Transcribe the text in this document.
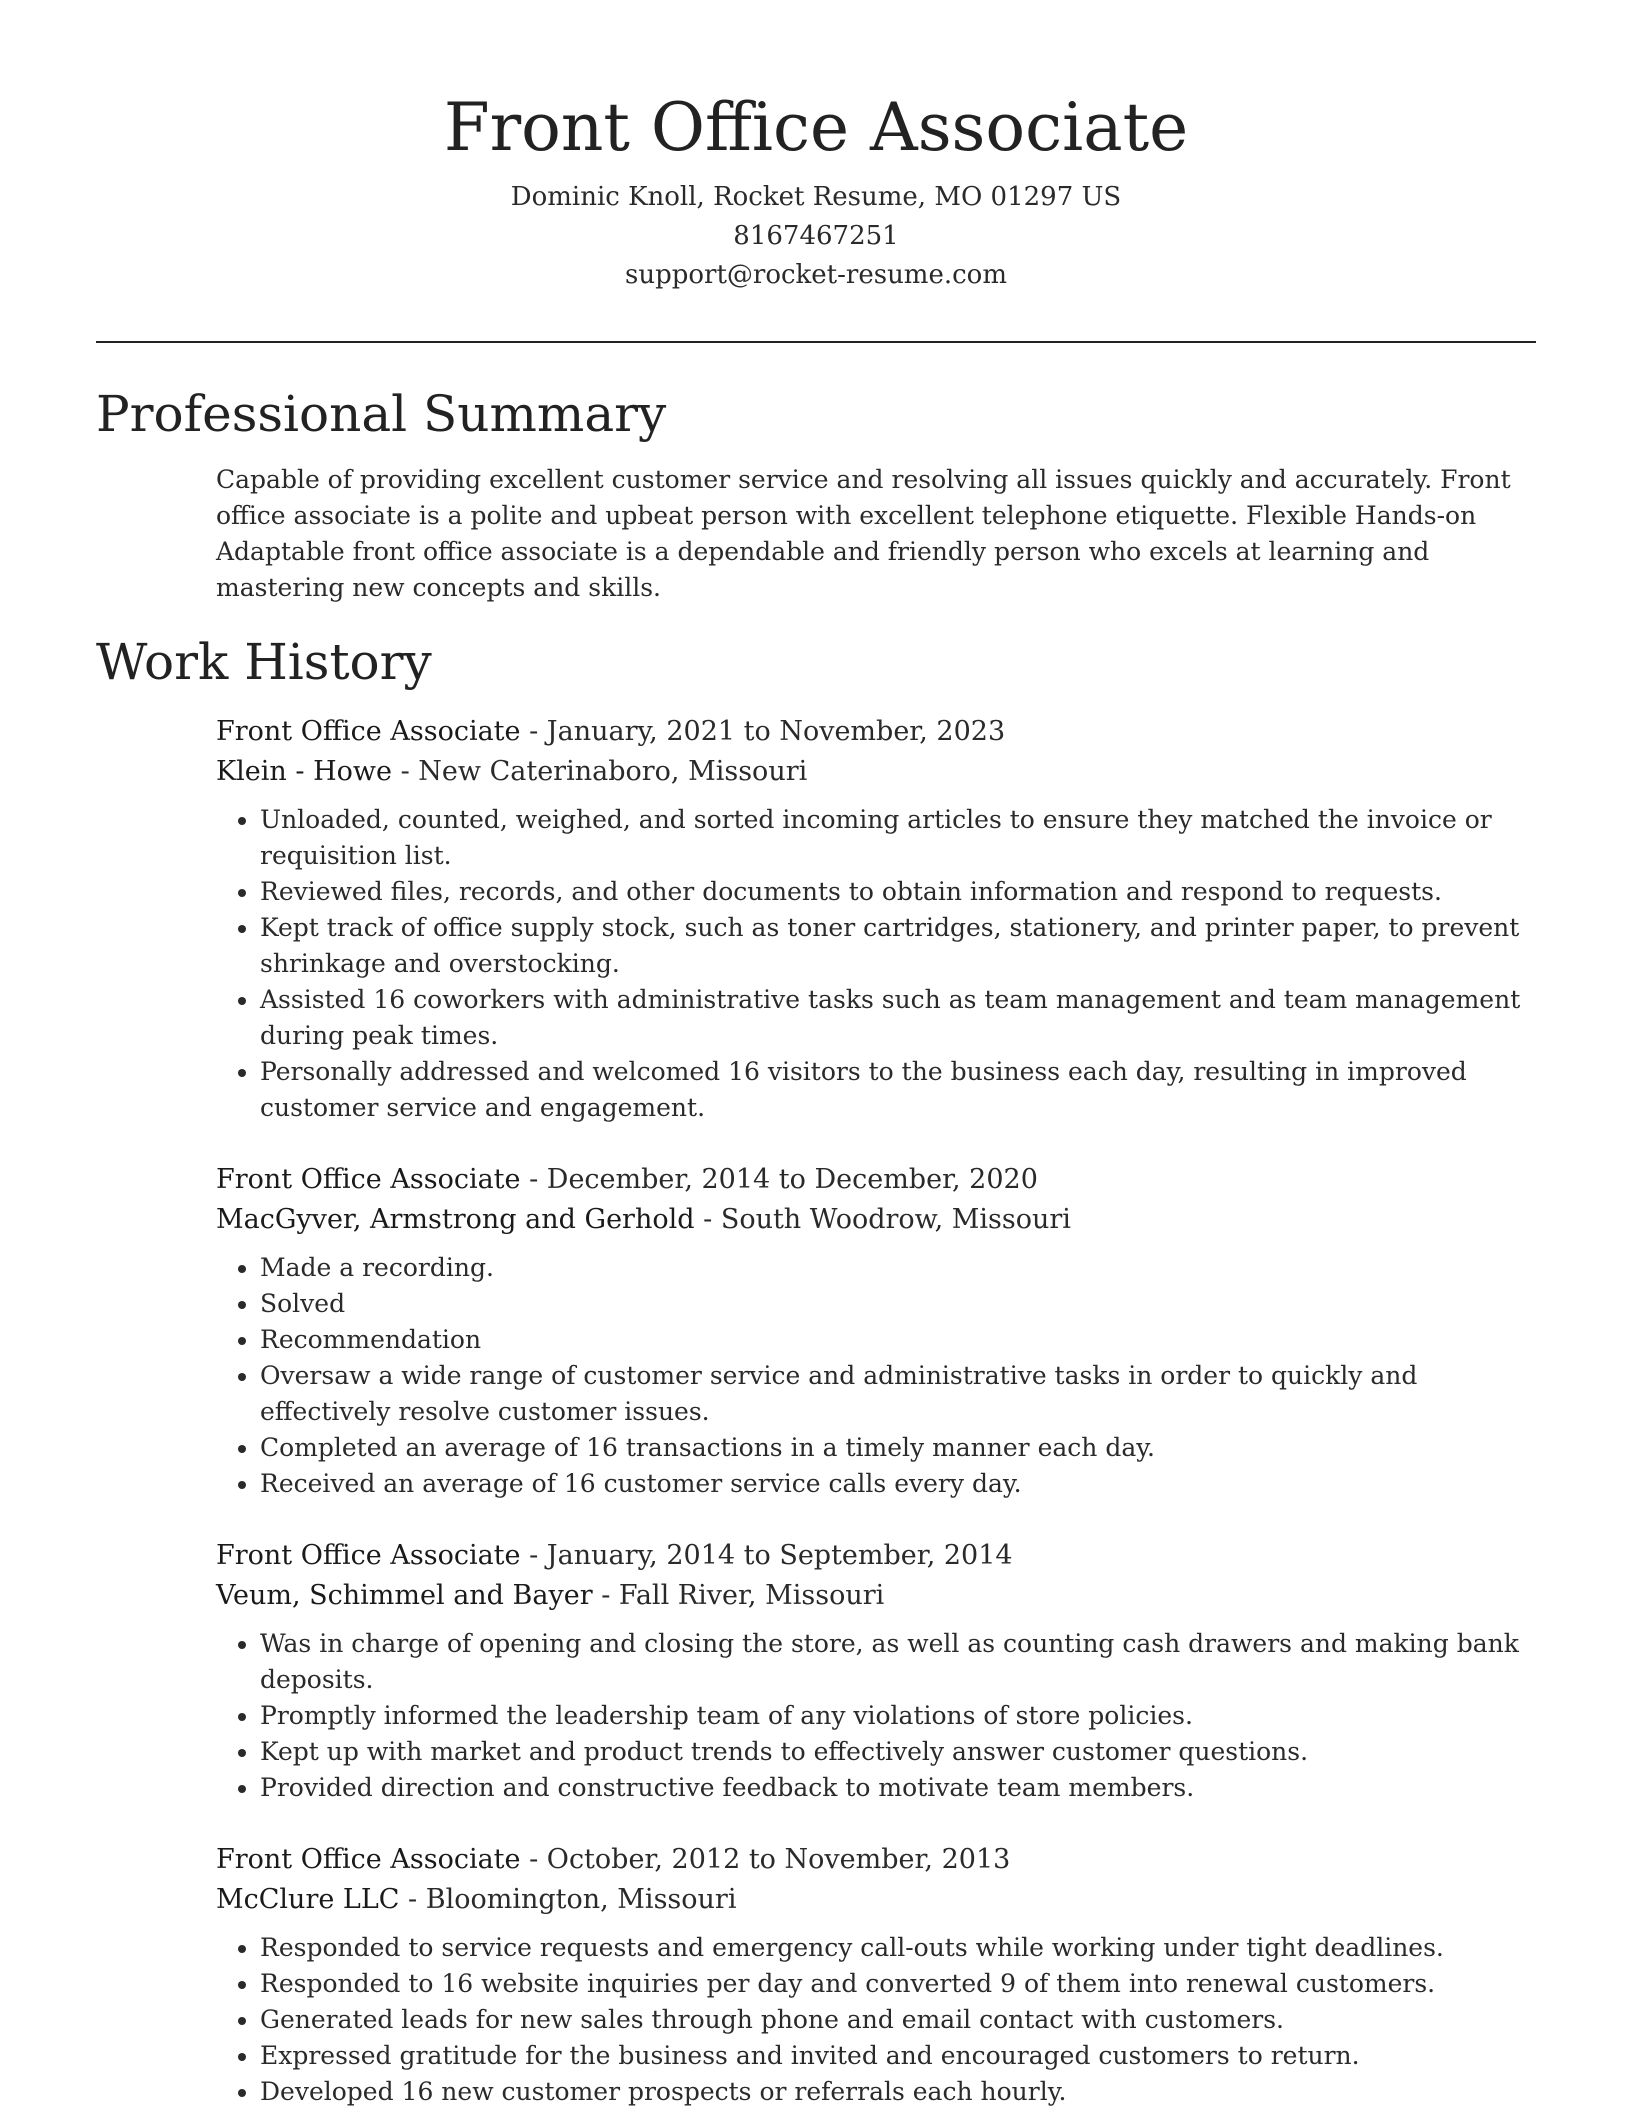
Front Office Associate
Dominic Knoll, Rocket Resume, MO 01297 US
8167467251
support@rocket-resume.com
Professional Summary

Capable of providing excellent customer service and resolving all issues quickly and accurately. Front office associate is a polite and upbeat person with excellent telephone etiquette. Flexible Hands-on Adaptable front office associate is a dependable and friendly person who excels at learning and mastering new concepts and skills.

Work History
Front Office Associate - January, 2021 to November, 2023
Klein - Howe - New Caterinaboro, Missouri
• Unloaded, counted, weighed, and sorted incoming articles to ensure they matched the invoice or requisition list.
• Reviewed files, records, and other documents to obtain information and respond to requests.
• Kept track of office supply stock, such as toner cartridges, stationery, and printer paper, to prevent shrinkage and overstocking.
• Assisted 16 coworkers with administrative tasks such as team management and team management during peak times.
• Personally addressed and welcomed 16 visitors to the business each day, resulting in improved customer service and engagement.
Front Office Associate - December, 2014 to December, 2020
MacGyver, Armstrong and Gerhold - South Woodrow, Missouri
• Made a recording.
• Solved
• Recommendation
• Oversaw a wide range of customer service and administrative tasks in order to quickly and effectively resolve customer issues.
• Completed an average of 16 transactions in a timely manner each day.
• Received an average of 16 customer service calls every day.
Front Office Associate - January, 2014 to September, 2014
Veum, Schimmel and Bayer - Fall River, Missouri
• Was in charge of opening and closing the store, as well as counting cash drawers and making bank deposits.
• Promptly informed the leadership team of any violations of store policies.
• Kept up with market and product trends to effectively answer customer questions.
• Provided direction and constructive feedback to motivate team members.
Front Office Associate - October, 2012 to November, 2013
McClure LLC - Bloomington, Missouri
• Responded to service requests and emergency call-outs while working under tight deadlines.
• Responded to 16 website inquiries per day and converted 9 of them into renewal customers.
• Generated leads for new sales through phone and email contact with customers.
• Expressed gratitude for the business and invited and encouraged customers to return.
• Developed 16 new customer prospects or referrals each hourly.
